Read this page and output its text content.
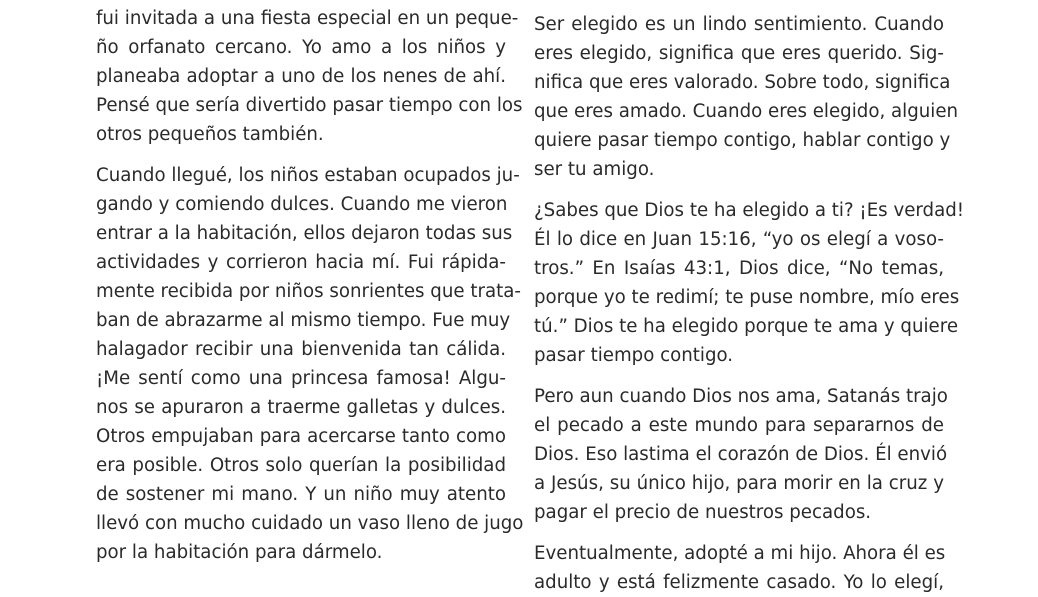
fui invitada a una fiesta especial en un peque-
ño orfanato cercano. Yo amo a los niños y
planeaba adoptar a uno de los nenes de ahí.
Pensé que sería divertido pasar tiempo con los
otros pequeños también.
Cuando llegué, los niños estaban ocupados ju-
gando y comiendo dulces. Cuando me vieron
entrar a la habitación, ellos dejaron todas sus
actividades y corrieron hacia mí. Fui rápida-
mente recibida por niños sonrientes que trata-
ban de abrazarme al mismo tiempo. Fue muy
halagador recibir una bienvenida tan cálida.
¡Me sentí como una princesa famosa! Algu-
nos se apuraron a traerme galletas y dulces.
Otros empujaban para acercarse tanto como
era posible. Otros solo querían la posibilidad
de sostener mi mano. Y un niño muy atento
llevó con mucho cuidado un vaso lleno de jugo
por la habitación para dármelo.
Ser elegido es un lindo sentimiento. Cuando
eres elegido, significa que eres querido. Sig-
nifica que eres valorado. Sobre todo, significa
que eres amado. Cuando eres elegido, alguien
quiere pasar tiempo contigo, hablar contigo y
ser tu amigo.
¿Sabes que Dios te ha elegido a ti? ¡Es verdad!
Él lo dice en Juan 15:16, “yo os elegí a voso-
tros.” En Isaías 43:1, Dios dice, “No temas,
porque yo te redimí; te puse nombre, mío eres
tú.” Dios te ha elegido porque te ama y quiere
pasar tiempo contigo.
Pero aun cuando Dios nos ama, Satanás trajo
el pecado a este mundo para separarnos de
Dios. Eso lastima el corazón de Dios. Él envió
a Jesús, su único hijo, para morir en la cruz y
pagar el precio de nuestros pecados.
Eventualmente, adopté a mi hijo. Ahora él es
adulto y está felizmente casado. Yo lo elegí,
